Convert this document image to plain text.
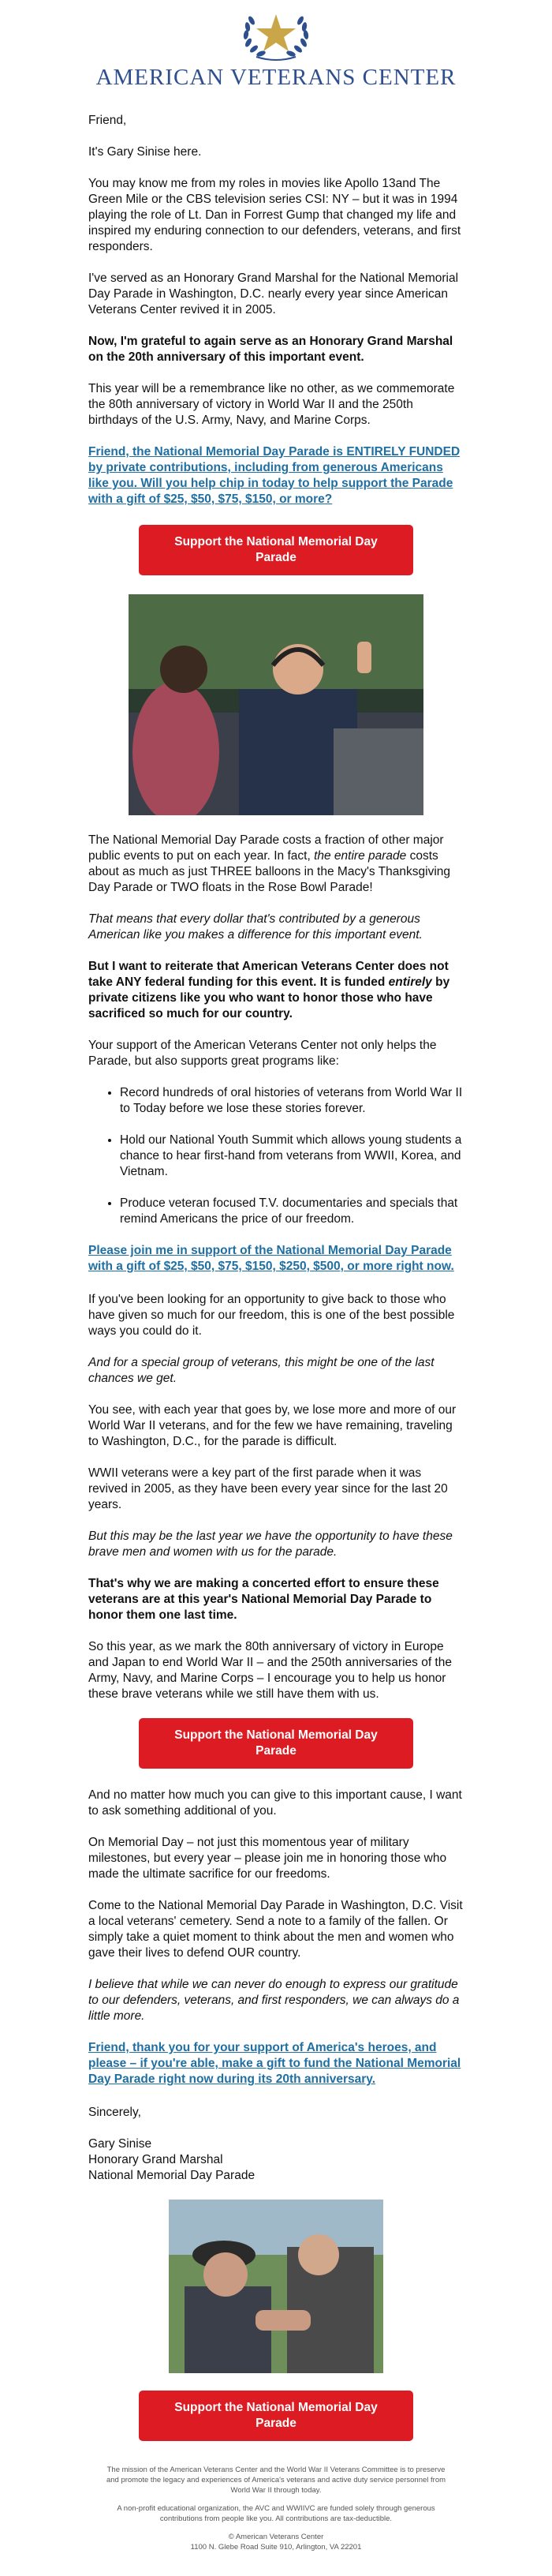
AMERICAN VETERANS CENTER

Friend,

It's Gary Sinise here.

You may know me from my roles in movies like Apollo 13and The Green Mile or the CBS television series CSI: NY – but it was in 1994 playing the role of Lt. Dan in Forrest Gump that changed my life and inspired my enduring connection to our defenders, veterans, and first responders.

I've served as an Honorary Grand Marshal for the National Memorial Day Parade in Washington, D.C. nearly every year since American Veterans Center revived it in 2005.

Now, I'm grateful to again serve as an Honorary Grand Marshal on the 20th anniversary of this important event.

This year will be a remembrance like no other, as we commemorate the 80th anniversary of victory in World War II and the 250th birthdays of the U.S. Army, Navy, and Marine Corps.

Friend, the National Memorial Day Parade is ENTIRELY FUNDED by private contributions, including from generous Americans like you. Will you help chip in today to help support the Parade with a gift of $25, $50, $75, $150, or more?
Support the National Memorial Day Parade

The National Memorial Day Parade costs a fraction of other major public events to put on each year. In fact, the entire parade costs about as much as just THREE balloons in the Macy's Thanksgiving Day Parade or TWO floats in the Rose Bowl Parade!

That means that every dollar that's contributed by a generous American like you makes a difference for this important event.

But I want to reiterate that American Veterans Center does not take ANY federal funding for this event. It is funded entirely by private citizens like you who want to honor those who have sacrificed so much for our country.

Your support of the American Veterans Center not only helps the Parade, but also supports great programs like:

• Record hundreds of oral histories of veterans from World War II to Today before we lose these stories forever.
• Hold our National Youth Summit which allows young students a chance to hear first-hand from veterans from WWII, Korea, and Vietnam.
• Produce veteran focused T.V. documentaries and specials that remind Americans the price of our freedom.
Please join me in support of the National Memorial Day Parade with a gift of $25, $50, $75, $150, $250, $500, or more right now.

If you've been looking for an opportunity to give back to those who have given so much for our freedom, this is one of the best possible ways you could do it.

And for a special group of veterans, this might be one of the last chances we get.

You see, with each year that goes by, we lose more and more of our World War II veterans, and for the few we have remaining, traveling to Washington, D.C., for the parade is difficult.

WWII veterans were a key part of the first parade when it was revived in 2005, as they have been every year since for the last 20 years.

But this may be the last year we have the opportunity to have these brave men and women with us for the parade.

That's why we are making a concerted effort to ensure these veterans are at this year's National Memorial Day Parade to honor them one last time.

So this year, as we mark the 80th anniversary of victory in Europe and Japan to end World War II – and the 250th anniversaries of the Army, Navy, and Marine Corps – I encourage you to help us honor these brave veterans while we still have them with us.

Support the National Memorial Day Parade

And no matter how much you can give to this important cause, I want to ask something additional of you.

On Memorial Day – not just this momentous year of military milestones, but every year – please join me in honoring those who made the ultimate sacrifice for our freedoms.

Come to the National Memorial Day Parade in Washington, D.C. Visit a local veterans' cemetery. Send a note to a family of the fallen. Or simply take a quiet moment to think about the men and women who gave their lives to defend OUR country.

I believe that while we can never do enough to express our gratitude to our defenders, veterans, and first responders, we can always do a little more.

Friend, thank you for your support of America's heroes, and please – if you're able, make a gift to fund the National Memorial Day Parade right now during its 20th anniversary.

Sincerely,

Gary Sinise
Honorary Grand Marshal
National Memorial Day Parade

Support the National Memorial Day Parade

The mission of the American Veterans Center and the World War II Veterans Committee is to preserve and promote the legacy and experiences of America's veterans and active duty service personnel from World War II through today.

A non-profit educational organization, the AVC and WWIIVC are funded solely through generous contributions from people like you. All contributions are tax-deductible.

© American Veterans Center
1100 N. Glebe Road Suite 910, Arlington, VA 22201
